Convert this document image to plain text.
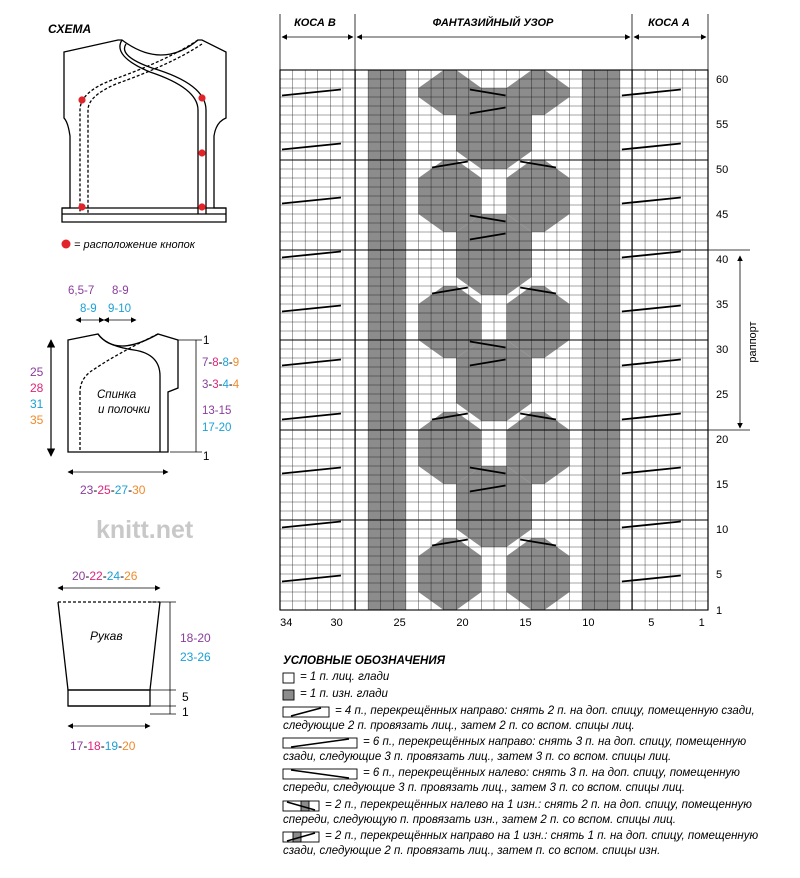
СХЕМА
= расположение кнопок
6,5-7 8-9
8-9 9-10
Спинка
и полочки
25
28
31
35
1
7-8-8-9
3-3-4-4
13-15
17-20
1
23-25-27-30
knitt.net
20-22-24-26
Рукав	18-20
23-26
5
1
17-18-19-20
КОСА В	ФАНТАЗИЙНЫЙ УЗОР	КОСА А
1
5
10
15
20
25
30
35
40
45
50
55
60
34	30	25	20	15	10	5	1
раппорт
УСЛОВНЫЕ ОБОЗНАЧЕНИЯ
= 1 п. лиц. глади
= 1 п. изн. глади
= 4 п., перекрещённых направо: снять 2 п. на доп. спицу, помещенную сзади,
следующие 2 п. провязать лиц., затем 2 п. со вспом. спицы лиц.
= 6 п., перекрещённых направо: снять 3 п. на доп. спицу, помещенную
сзади, следующие 3 п. провязать лиц., затем 3 п. со вспом. спицы лиц.
= 6 п., перекрещённых налево: снять 3 п. на доп. спицу, помещенную
спереди, следующие 3 п. провязать лиц., затем 3 п. со вспом. спицы лиц.
= 2 п., перекрещённых налево на 1 изн.: снять 2 п. на доп. спицу, помещенную
спереди, следующую п. провязать изн., затем 2 п. со вспом. спицы лиц.
= 2 п., перекрещённых направо на 1 изн.: снять 1 п. на доп. спицу, помещенную
сзади, следующие 2 п. провязать лиц., затем п. со вспом. спицы изн.
